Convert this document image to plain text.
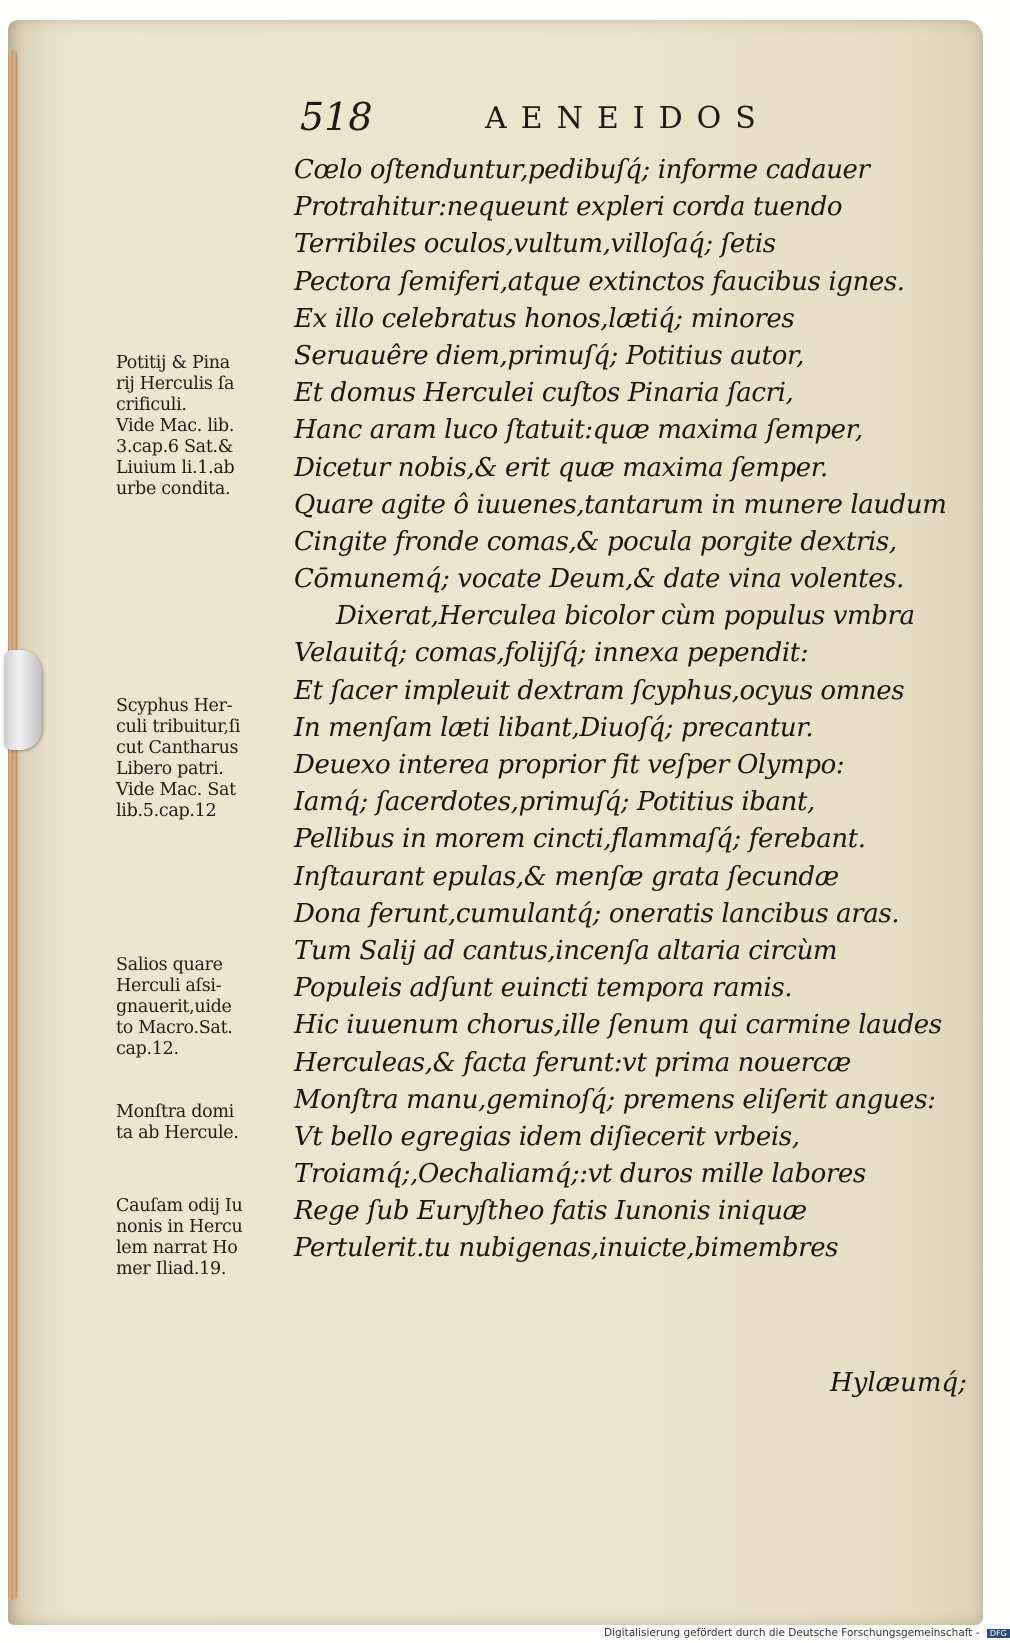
518	AENEIDOS
Cœlo oſtenduntur,pedibuſq́; informe cadauer
Protrahitur:nequeunt expleri corda tuendo
Terribiles oculos,vultum,villoſaq́; ſetis
Pectora ſemiferi,atque extinctos faucibus ignes.
Ex illo celebratus honos,lætiq́; minores
Seruauêre diem,primuſq́; Potitius autor,
Et domus Herculei cuſtos Pinaria ſacri,
Hanc aram luco ſtatuit:quæ maxima ſemper,
Dicetur nobis,& erit quæ maxima ſemper.
Quare agite ô iuuenes,tantarum in munere laudum
Cingite fronde comas,& pocula porgite dextris,
Cōmunemq́; vocate Deum,& date vina volentes.
Dixerat,Herculea bicolor cùm populus vmbra
Velauitq́; comas,folijſq́; innexa pependit:
Et ſacer impleuit dextram ſcyphus,ocyus omnes
In menſam læti libant,Diuoſq́; precantur.
Deuexo interea proprior fit veſper Olympo:
Iamq́; ſacerdotes,primuſq́; Potitius ibant,
Pellibus in morem cincti,flammaſq́; ferebant.
Inſtaurant epulas,& menſæ grata ſecundæ
Dona ferunt,cumulantq́; oneratis lancibus aras.
Tum Salij ad cantus,incenſa altaria circùm
Populeis adſunt euincti tempora ramis.
Hic iuuenum chorus,ille ſenum qui carmine laudes
Herculeas,& facta ferunt:vt prima nouercæ
Monſtra manu,geminoſq́; premens eliſerit angues:
Vt bello egregias idem diſiecerit vrbeis,
Troiamq́;,Oechaliamq́;:vt duros mille labores
Rege ſub Euryſtheo fatis Iunonis iniquæ
Pertulerit.tu nubigenas,inuicte,bimembres
Hylæumq́;
Potitij & Pina
rij Herculis ſa
crificuli.
Vide Mac. lib.
3.cap.6 Sat.&
Liuium li.1.ab
urbe condita.
Scyphus Her-
culi tribuitur,ſi
cut Cantharus
Libero patri.
Vide Mac. Sat
lib.5.cap.12
Salios quare
Herculi aſsi-
gnauerit,uide
to Macro.Sat.
cap.12.
Monſtra domi
ta ab Hercule.
Cauſam odij Iu
nonis in Hercu
lem narrat Ho
mer Iliad.19.
Digitalisierung gefördert durch die Deutsche Forschungsgemeinschaft - DFG
